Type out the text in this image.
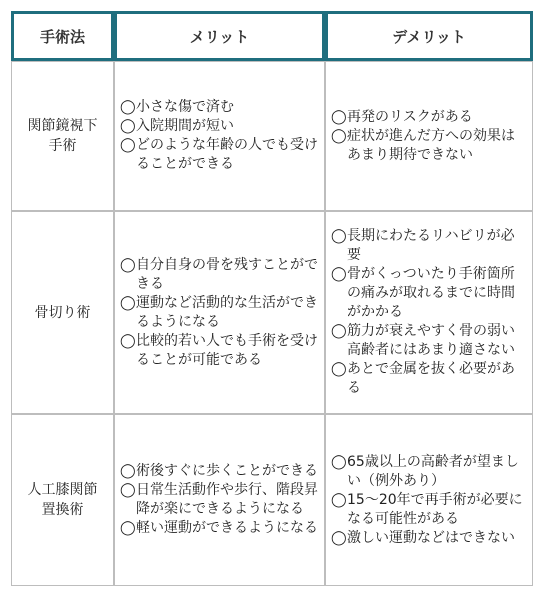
手術法	メリット	デメリット
関節鏡視下
手術
◯ 小さな傷で済む
◯ 入院期間が短い
◯ どのような年齢の人でも受けることができる
◯ 再発のリスクがある
◯ 症状が進んだ方への効果はあまり期待できない
骨切り術
◯ 自分自身の骨を残すことができる
◯ 運動など活動的な生活ができるようになる
◯ 比較的若い人でも手術を受けることが可能である
◯ 長期にわたるリハビリが必要
◯ 骨がくっついたり手術箇所の痛みが取れるまでに時間がかかる
◯ 筋力が衰えやすく骨の弱い高齢者にはあまり適さない
◯ あとで金属を抜く必要がある
人工膝関節
置換術
◯ 術後すぐに歩くことができる
◯ 日常生活動作や歩行、階段昇降が楽にできるようになる
◯ 軽い運動ができるようになる
◯ 65歳以上の高齢者が望ましい（例外あり）
◯ 15〜20年で再手術が必要になる可能性がある
◯ 激しい運動などはできない
